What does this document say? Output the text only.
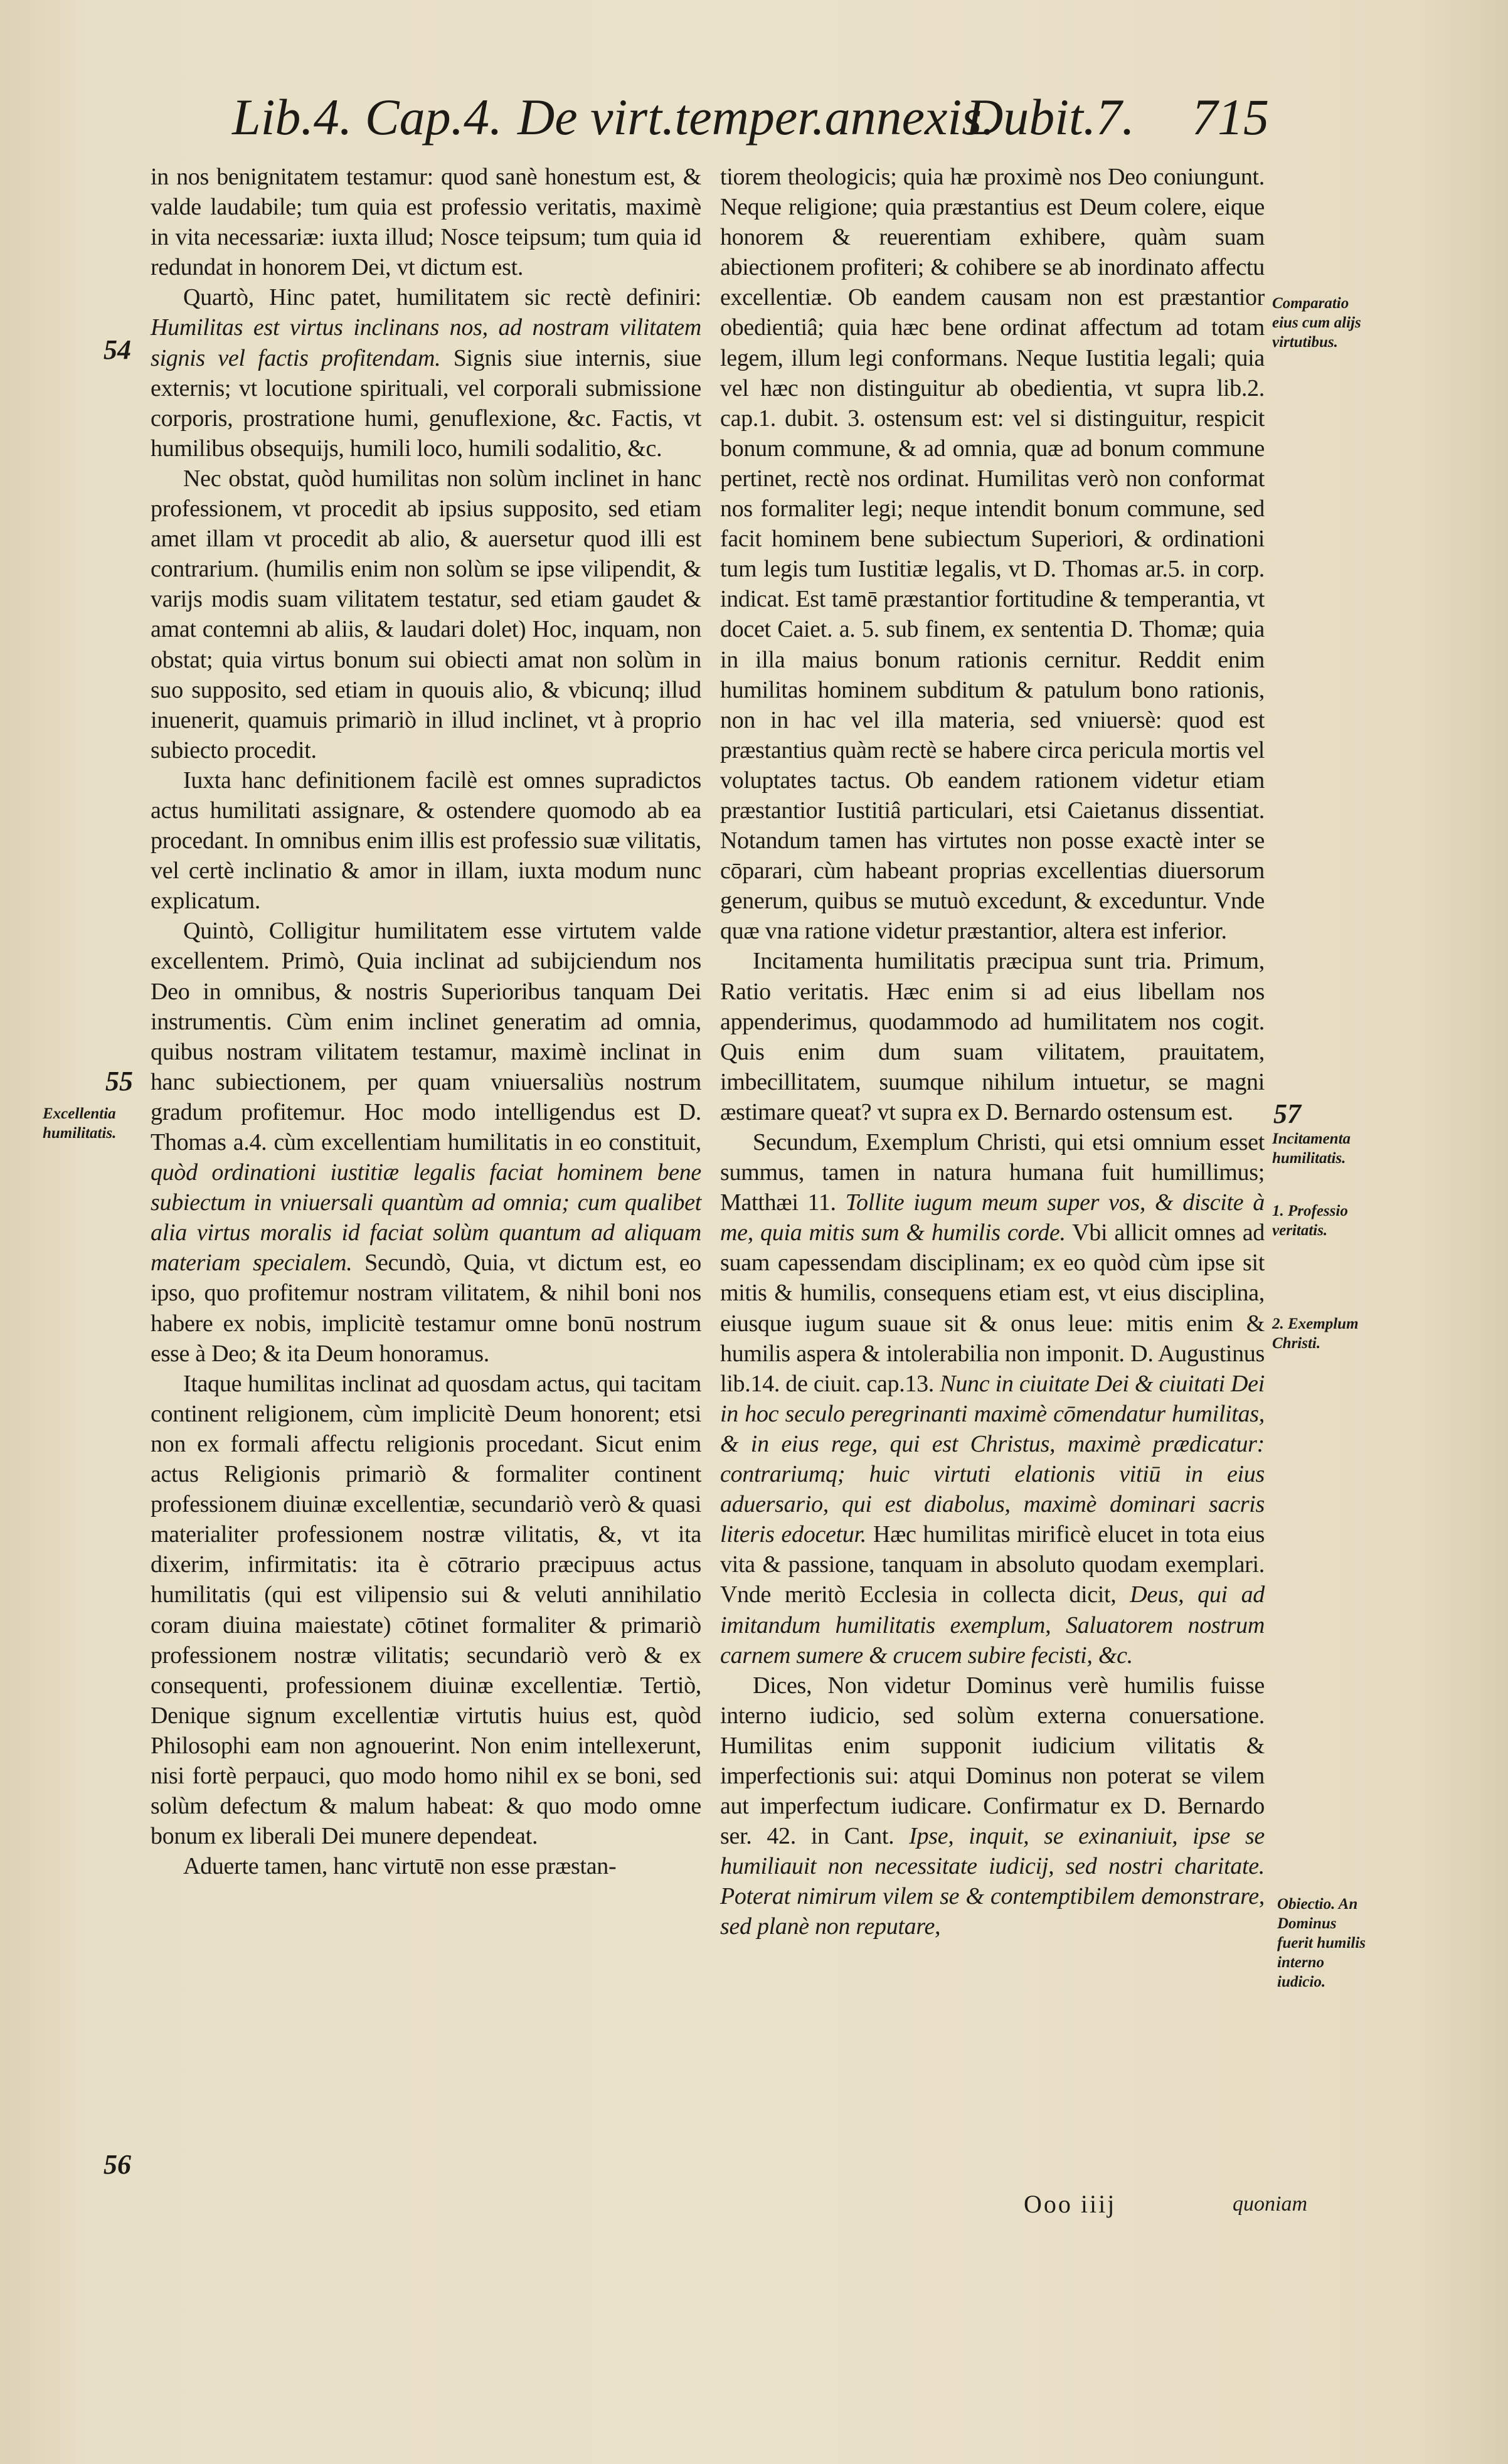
Lib.4. Cap.4. De virt.temper.annexis.
Dubit.7. 715
54
55
56
57
Excellentia humilitatis.
Comparatio eius cum alijs virtutibus.
Incitamenta humilitatis.
1. Professio veritatis.
2. Exemplum Christi.
Obiectio. An Dominus fuerit humilis interno iudicio.

in nos benignitatem testamur: quod sanè honestum est, & valde laudabile; tum quia est professio veritatis, maximè in vita necessariæ: iuxta illud; Nosce teipsum; tum quia id redundat in honorem Dei, vt dictum est.

Quartò, Hinc patet, humilitatem sic rectè definiri: Humilitas est virtus inclinans nos, ad nostram vilitatem signis vel factis profitendam. Signis siue internis, siue externis; vt locutione spirituali, vel corporali submissione corporis, prostratione humi, genuflexione, &c. Factis, vt humilibus obsequijs, humili loco, humili sodalitio, &c.

Nec obstat, quòd humilitas non solùm inclinet in hanc professionem, vt procedit ab ipsius supposito, sed etiam amet illam vt procedit ab alio, & auersetur quod illi est contrarium. (humilis enim non solùm se ipse vilipendit, & varijs modis suam vilitatem testatur, sed etiam gaudet & amat contemni ab aliis, & laudari dolet) Hoc, inquam, non obstat; quia virtus bonum sui obiecti amat non solùm in suo supposito, sed etiam in quouis alio, & vbicunq; illud inuenerit, quamuis primariò in illud inclinet, vt à proprio subiecto procedit.

Iuxta hanc definitionem facilè est omnes supradictos actus humilitati assignare, & ostendere quomodo ab ea procedant. In omnibus enim illis est professio suæ vilitatis, vel certè inclinatio & amor in illam, iuxta modum nunc explicatum.

Quintò, Colligitur humilitatem esse virtutem valde excellentem. Primò, Quia inclinat ad subijciendum nos Deo in omnibus, & nostris Superioribus tanquam Dei instrumentis. Cùm enim inclinet generatim ad omnia, quibus nostram vilitatem testamur, maximè inclinat in hanc subiectionem, per quam vniuersaliùs nostrum gradum profitemur. Hoc modo intelligendus est D. Thomas a.4. cùm excellentiam humilitatis in eo constituit, quòd ordinationi iustitiæ legalis faciat hominem bene subiectum in vniuersali quantùm ad omnia; cum qualibet alia virtus moralis id faciat solùm quantum ad aliquam materiam specialem. Secundò, Quia, vt dictum est, eo ipso, quo profitemur nostram vilitatem, & nihil boni nos habere ex nobis, implicitè testamur omne bonū nostrum esse à Deo; & ita Deum honoramus.

Itaque humilitas inclinat ad quosdam actus, qui tacitam continent religionem, cùm implicitè Deum honorent; etsi non ex formali affectu religionis procedant. Sicut enim actus Religionis primariò & formaliter continent professionem diuinæ excellentiæ, secundariò verò & quasi materialiter professionem nostræ vilitatis, &, vt ita dixerim, infirmitatis: ita è cōtrario præcipuus actus humilitatis (qui est vilipensio sui & veluti annihilatio coram diuina maiestate) cōtinet formaliter & primariò professionem nostræ vilitatis; secundariò verò & ex consequenti, professionem diuinæ excellentiæ. Tertiò, Denique signum excellentiæ virtutis huius est, quòd Philosophi eam non agnouerint. Non enim intellexerunt, nisi fortè perpauci, quo modo homo nihil ex se boni, sed solùm defectum & malum habeat: & quo modo omne bonum ex liberali Dei munere dependeat.

Aduerte tamen, hanc virtutē non esse præstan-

tiorem theologicis; quia hæ proximè nos Deo coniungunt. Neque religione; quia præstantius est Deum colere, eique honorem & reuerentiam exhibere, quàm suam abiectionem profiteri; & cohibere se ab inordinato affectu excellentiæ. Ob eandem causam non est præstantior obedientiâ; quia hæc bene ordinat affectum ad totam legem, illum legi conformans. Neque Iustitia legali; quia vel hæc non distinguitur ab obedientia, vt supra lib.2. cap.1. dubit. 3. ostensum est: vel si distinguitur, respicit bonum commune, & ad omnia, quæ ad bonum commune pertinet, rectè nos ordinat. Humilitas verò non conformat nos formaliter legi; neque intendit bonum commune, sed facit hominem bene subiectum Superiori, & ordinationi tum legis tum Iustitiæ legalis, vt D. Thomas ar.5. in corp. indicat. Est tamē præstantior fortitudine & temperantia, vt docet Caiet. a. 5. sub finem, ex sententia D. Thomæ; quia in illa maius bonum rationis cernitur. Reddit enim humilitas hominem subditum & patulum bono rationis, non in hac vel illa materia, sed vniuersè: quod est præstantius quàm rectè se habere circa pericula mortis vel voluptates tactus. Ob eandem rationem videtur etiam præstantior Iustitiâ particulari, etsi Caietanus dissentiat. Notandum tamen has virtutes non posse exactè inter se cōparari, cùm habeant proprias excellentias diuersorum generum, quibus se mutuò excedunt, & exceduntur. Vnde quæ vna ratione videtur præstantior, altera est inferior.

Incitamenta humilitatis præcipua sunt tria. Primum, Ratio veritatis. Hæc enim si ad eius libellam nos appenderimus, quodammodo ad humilitatem nos cogit. Quis enim dum suam vilitatem, prauitatem, imbecillitatem, suumque nihilum intuetur, se magni æstimare queat? vt supra ex D. Bernardo ostensum est.

Secundum, Exemplum Christi, qui etsi omnium esset summus, tamen in natura humana fuit humillimus; Matthæi 11. Tollite iugum meum super vos, & discite à me, quia mitis sum & humilis corde. Vbi allicit omnes ad suam capessendam disciplinam; ex eo quòd cùm ipse sit mitis & humilis, consequens etiam est, vt eius disciplina, eiusque iugum suaue sit & onus leue: mitis enim & humilis aspera & intolerabilia non imponit. D. Augustinus lib.14. de ciuit. cap.13. Nunc in ciuitate Dei & ciuitati Dei in hoc seculo peregrinanti maximè cōmendatur humilitas, & in eius rege, qui est Christus, maximè prædicatur: contrariumq; huic virtuti elationis vitiū in eius aduersario, qui est diabolus, maximè dominari sacris literis edocetur. Hæc humilitas mirificè elucet in tota eius vita & passione, tanquam in absoluto quodam exemplari. Vnde meritò Ecclesia in collecta dicit, Deus, qui ad imitandum humilitatis exemplum, Saluatorem nostrum carnem sumere & crucem subire fecisti, &c.

Dices, Non videtur Dominus verè humilis fuisse interno iudicio, sed solùm externa conuersatione. Humilitas enim supponit iudicium vilitatis & imperfectionis sui: atqui Dominus non poterat se vilem aut imperfectum iudicare. Confirmatur ex D. Bernardo ser. 42. in Cant. Ipse, inquit, se exinaniuit, ipse se humiliauit non necessitate iudicij, sed nostri charitate. Poterat nimirum vilem se & contemptibilem demonstrare, sed planè non reputare,

Ooo iiij	quoniam
